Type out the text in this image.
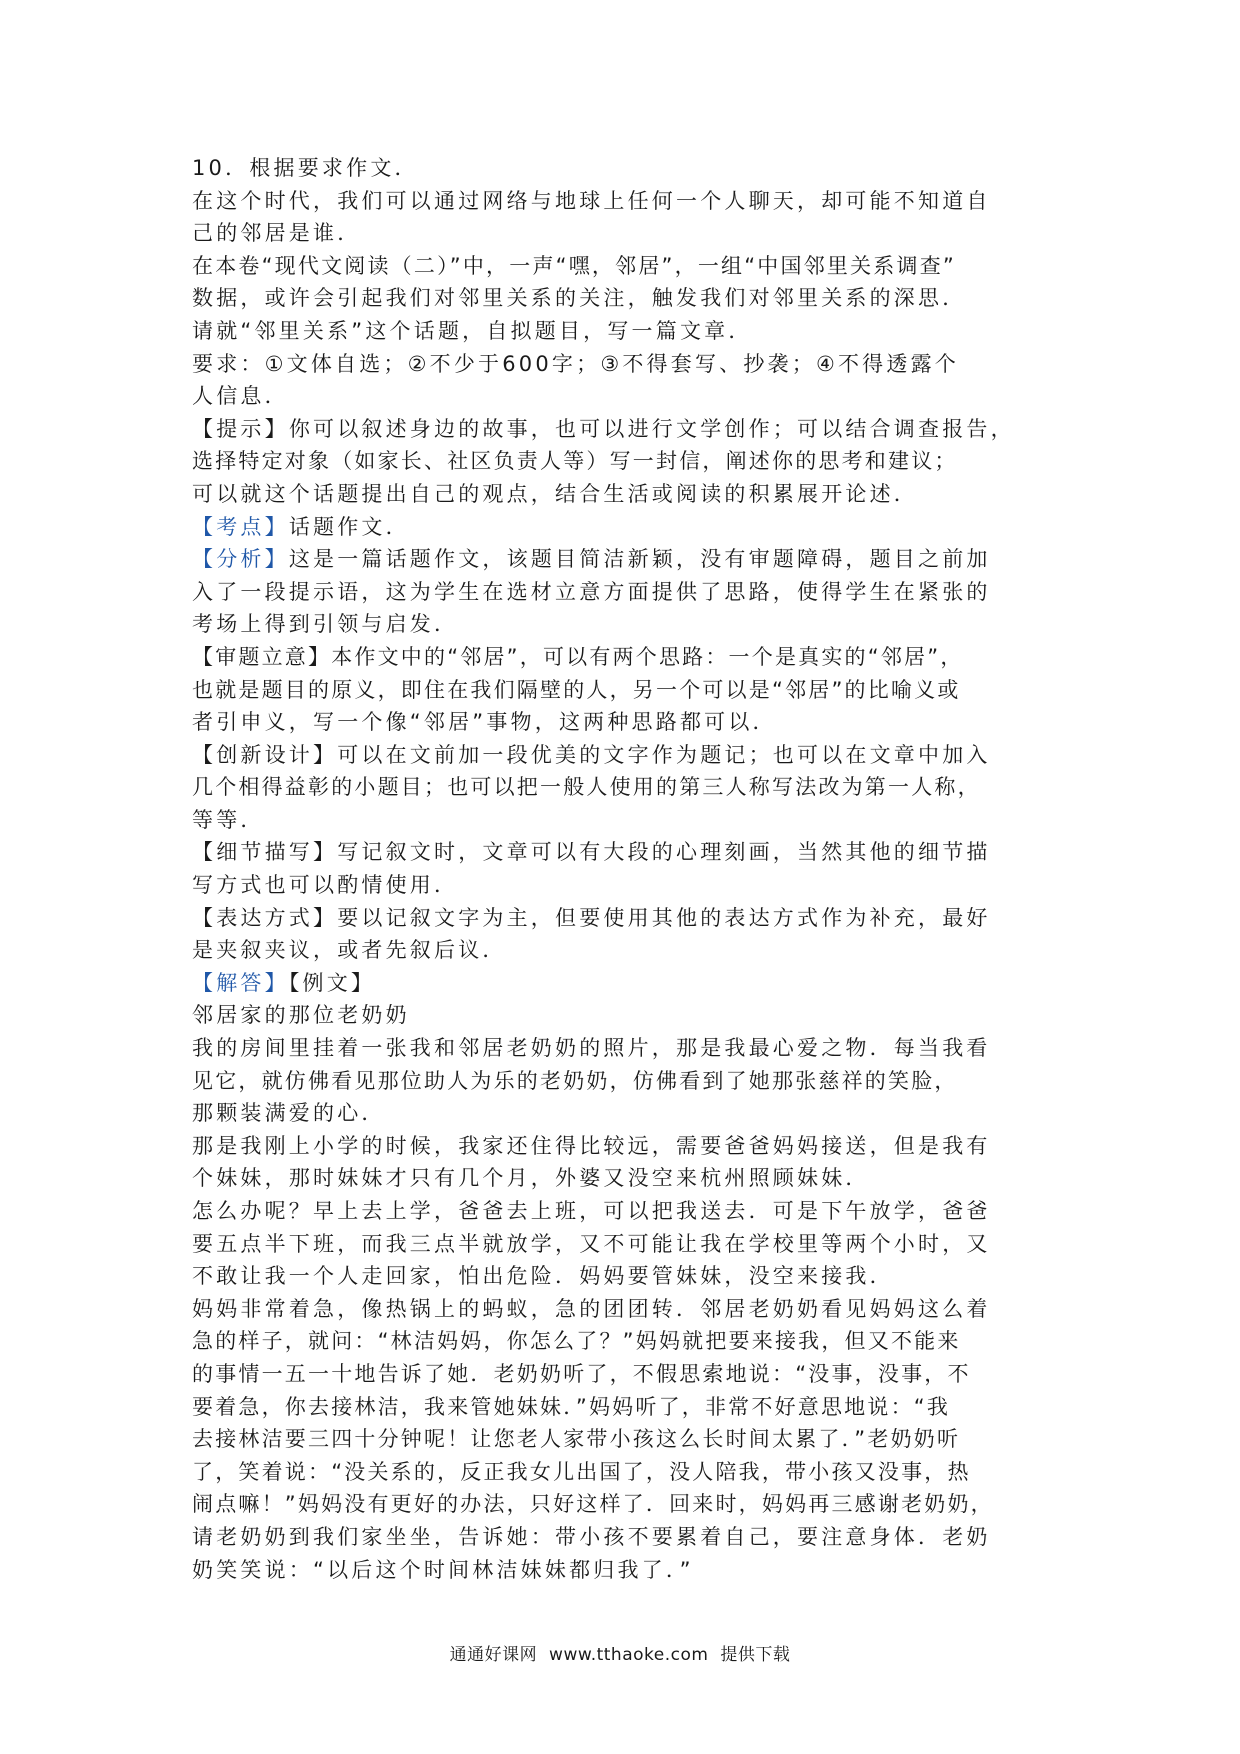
10．根据要求作文．
在这个时代，我们可以通过网络与地球上任何一个人聊天，却可能不知道自
己的邻居是谁．
在本卷“现代文阅读（二）”中，一声“嘿，邻居”，一组“中国邻里关系调查”
数据，或许会引起我们对邻里关系的关注，触发我们对邻里关系的深思．
请就“邻里关系”这个话题，自拟题目，写一篇文章．
要求：①文体自选；②不少于600字；③不得套写、抄袭；④不得透露个
人信息．
【提示】你可以叙述身边的故事，也可以进行文学创作；可以结合调查报告，
选择特定对象（如家长、社区负责人等）写一封信，阐述你的思考和建议；
可以就这个话题提出自己的观点，结合生活或阅读的积累展开论述．
【考点】话题作文．
【分析】这是一篇话题作文，该题目简洁新颖，没有审题障碍，题目之前加
入了一段提示语，这为学生在选材立意方面提供了思路，使得学生在紧张的
考场上得到引领与启发．
【审题立意】本作文中的“邻居”，可以有两个思路：一个是真实的“邻居”，
也就是题目的原义，即住在我们隔壁的人，另一个可以是“邻居”的比喻义或
者引申义，写一个像“邻居”事物，这两种思路都可以．
【创新设计】可以在文前加一段优美的文字作为题记；也可以在文章中加入
几个相得益彰的小题目；也可以把一般人使用的第三人称写法改为第一人称，
等等．
【细节描写】写记叙文时，文章可以有大段的心理刻画，当然其他的细节描
写方式也可以酌情使用．
【表达方式】要以记叙文字为主，但要使用其他的表达方式作为补充，最好
是夹叙夹议，或者先叙后议．
【解答】【例文】
邻居家的那位老奶奶
我的房间里挂着一张我和邻居老奶奶的照片，那是我最心爱之物．每当我看
见它，就仿佛看见那位助人为乐的老奶奶，仿佛看到了她那张慈祥的笑脸，
那颗装满爱的心．
那是我刚上小学的时候，我家还住得比较远，需要爸爸妈妈接送，但是我有
个妹妹，那时妹妹才只有几个月，外婆又没空来杭州照顾妹妹．
怎么办呢？早上去上学，爸爸去上班，可以把我送去．可是下午放学，爸爸
要五点半下班，而我三点半就放学，又不可能让我在学校里等两个小时，又
不敢让我一个人走回家，怕出危险．妈妈要管妹妹，没空来接我．
妈妈非常着急，像热锅上的蚂蚁，急的团团转．邻居老奶奶看见妈妈这么着
急的样子，就问：“林洁妈妈，你怎么了？”妈妈就把要来接我，但又不能来
的事情一五一十地告诉了她．老奶奶听了，不假思索地说：“没事，没事，不
要着急，你去接林洁，我来管她妹妹．”妈妈听了，非常不好意思地说：“我
去接林洁要三四十分钟呢！让您老人家带小孩这么长时间太累了．”老奶奶听
了，笑着说：“没关系的，反正我女儿出国了，没人陪我，带小孩又没事，热
闹点嘛！”妈妈没有更好的办法，只好这样了．回来时，妈妈再三感谢老奶奶，
请老奶奶到我们家坐坐，告诉她：带小孩不要累着自己，要注意身体．老奶
奶笑笑说：“以后这个时间林洁妹妹都归我了．”
通通好课网 www.tthaoke.com 提供下载
